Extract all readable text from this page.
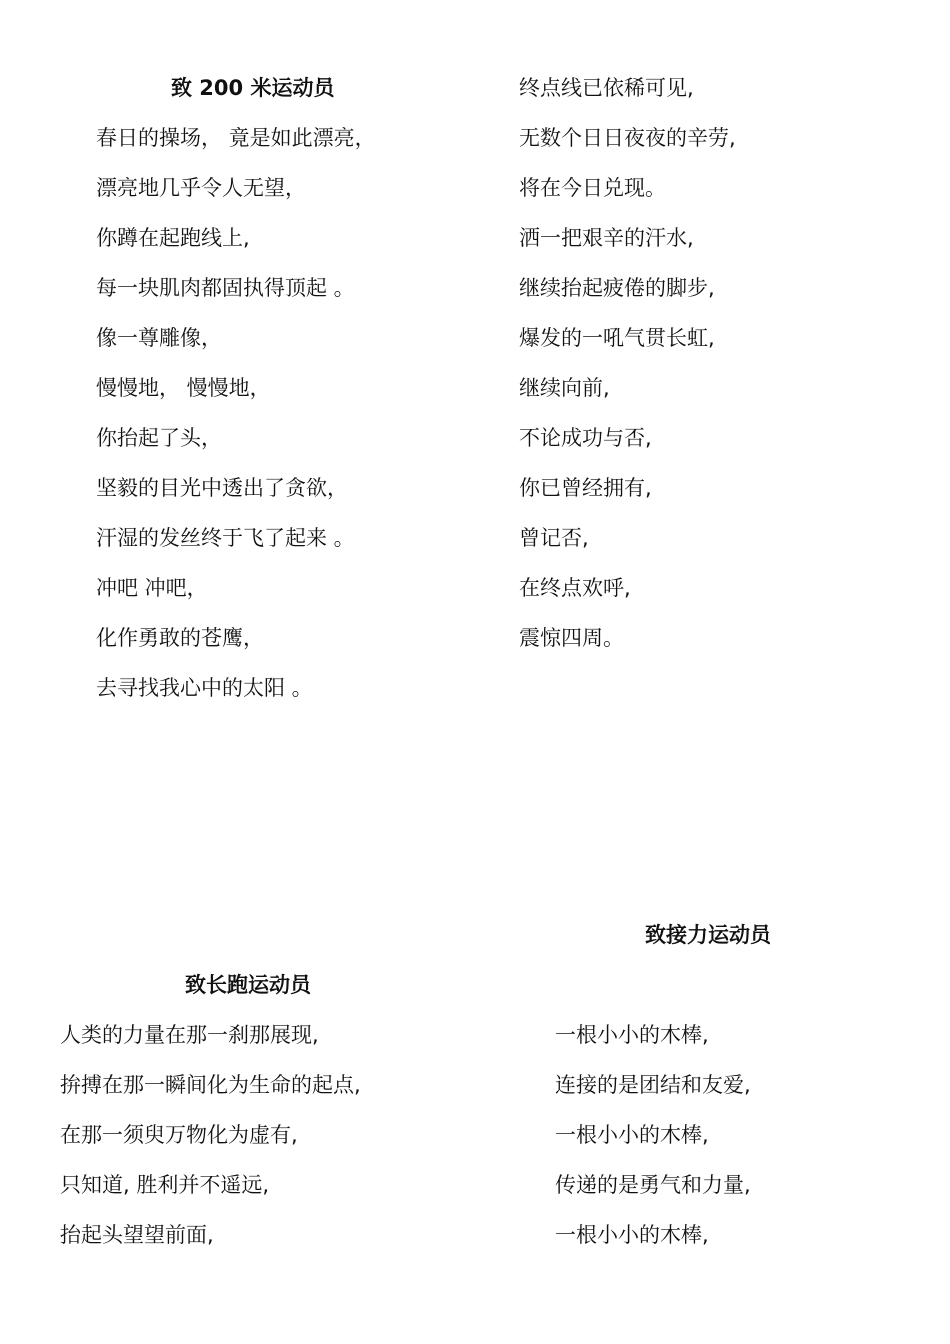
致 200 米运动员
春日的操场， 竟是如此漂亮，
漂亮地几乎令人无望，
你蹲在起跑线上,
每一块肌肉都固执得顶起 。
像一尊雕像，
慢慢地， 慢慢地，
你抬起了头，
坚毅的目光中透出了贪欲，
汗湿的发丝终于飞了起来 。
冲吧 冲吧，
化作勇敢的苍鹰，
去寻找我心中的太阳 。
终点线已依稀可见,
无数个日日夜夜的辛劳,
将在今日兑现。
洒一把艰辛的汗水,
继续抬起疲倦的脚步,
爆发的一吼气贯长虹,
继续向前,
不论成功与否,
你已曾经拥有,
曾记否,
在终点欢呼,
震惊四周。
致长跑运动员
人类的力量在那一刹那展现,
拚搏在那一瞬间化为生命的起点,
在那一须臾万物化为虚有,
只知道, 胜利并不遥远,
抬起头望望前面,
致接力运动员
一根小小的木棒,
连接的是团结和友爱,
一根小小的木棒,
传递的是勇气和力量,
一根小小的木棒,
